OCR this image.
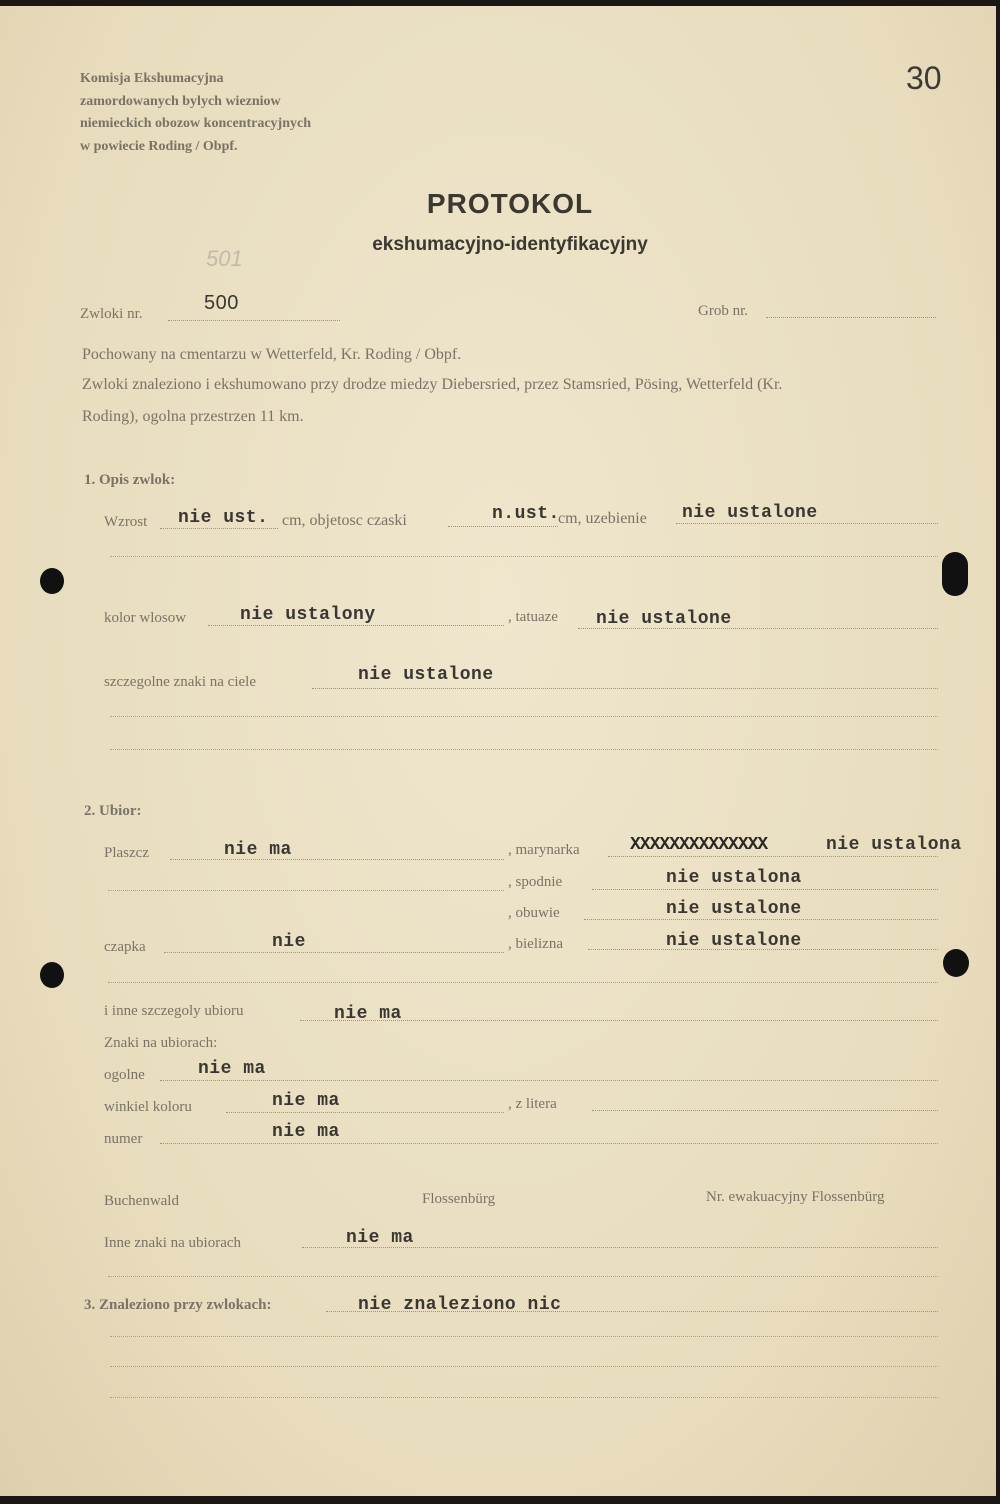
Komisja Ekshumacyjna
zamordowanych bylych wiezniow
niemieckich obozow koncentracyjnych
w powiecie Roding / Obpf.
30
PROTOKOL
ekshumacyjno-identyfikacyjny
501
Zwloki nr.	500	Grob nr.
Pochowany na cmentarzu w Wetterfeld, Kr. Roding / Obpf.
Zwloki znaleziono i ekshumowano przy drodze miedzy Diebersried, przez Stamsried, Pösing, Wetterfeld (Kr.
Roding), ogolna przestrzen 11 km.
1. Opis zwlok:
Wzrost nie ust. cm, objetosc czaski	n.ust.
cm, uzebienie nie ustalone
kolor wlosow	nie ustalony	, tatuaze nie ustalone
szczegolne znaki na ciele	nie ustalone
2. Ubior:
Plaszcz	nie ma	, marynarka	XXXXXXXXXXXXXX	nie ustalona
, spodnie	nie ustalona
, obuwie	nie ustalone
czapka	nie	, bielizna	nie ustalone
i inne szczegoly ubioru	nie ma
Znaki na ubiorach:
ogolne	nie ma
winkiel koloru	nie ma	, z litera
numer	nie ma
Buchenwald	Flossenbürg	Nr. ewakuacyjny Flossenbürg
Inne znaki na ubiorach	nie ma
3. Znaleziono przy zwlokach:	nie znaleziono nic
